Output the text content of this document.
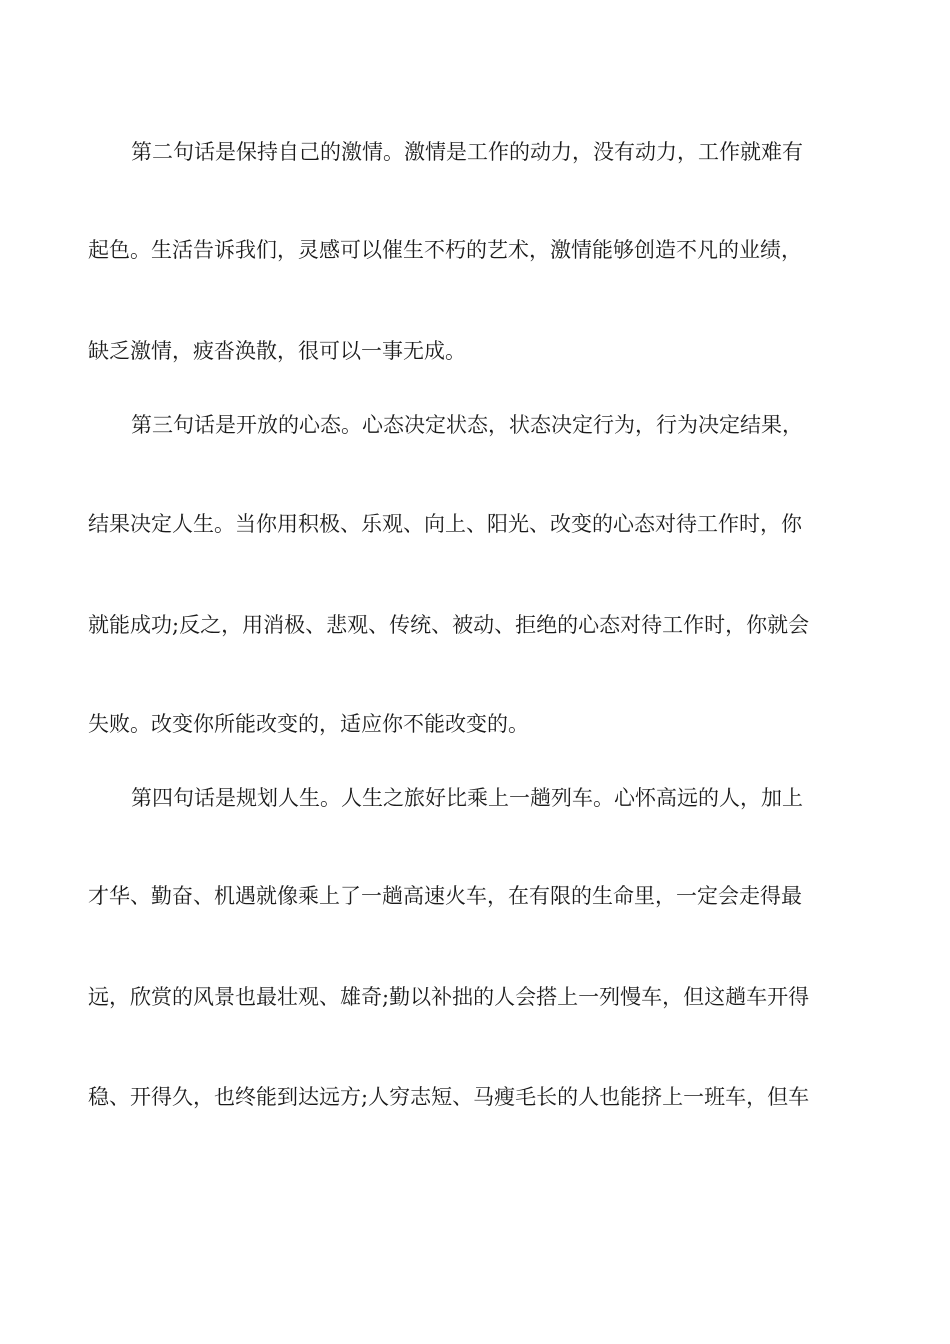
第二句话是保持自己的激情。激情是工作的动力，没有动力，工作就难有
起色。生活告诉我们，灵感可以催生不朽的艺术，激情能够创造不凡的业绩，
缺乏激情，疲沓涣散，很可以一事无成。
第三句话是开放的心态。心态决定状态，状态决定行为，行为决定结果，
结果决定人生。当你用积极、乐观、向上、阳光、改变的心态对待工作时，你
就能成功;反之，用消极、悲观、传统、被动、拒绝的心态对待工作时，你就会
失败。改变你所能改变的，适应你不能改变的。
第四句话是规划人生。人生之旅好比乘上一趟列车。心怀高远的人，加上
才华、勤奋、机遇就像乘上了一趟高速火车，在有限的生命里，一定会走得最
远，欣赏的风景也最壮观、雄奇;勤以补拙的人会搭上一列慢车，但这趟车开得
稳、开得久，也终能到达远方;人穷志短、马瘦毛长的人也能挤上一班车，但车
